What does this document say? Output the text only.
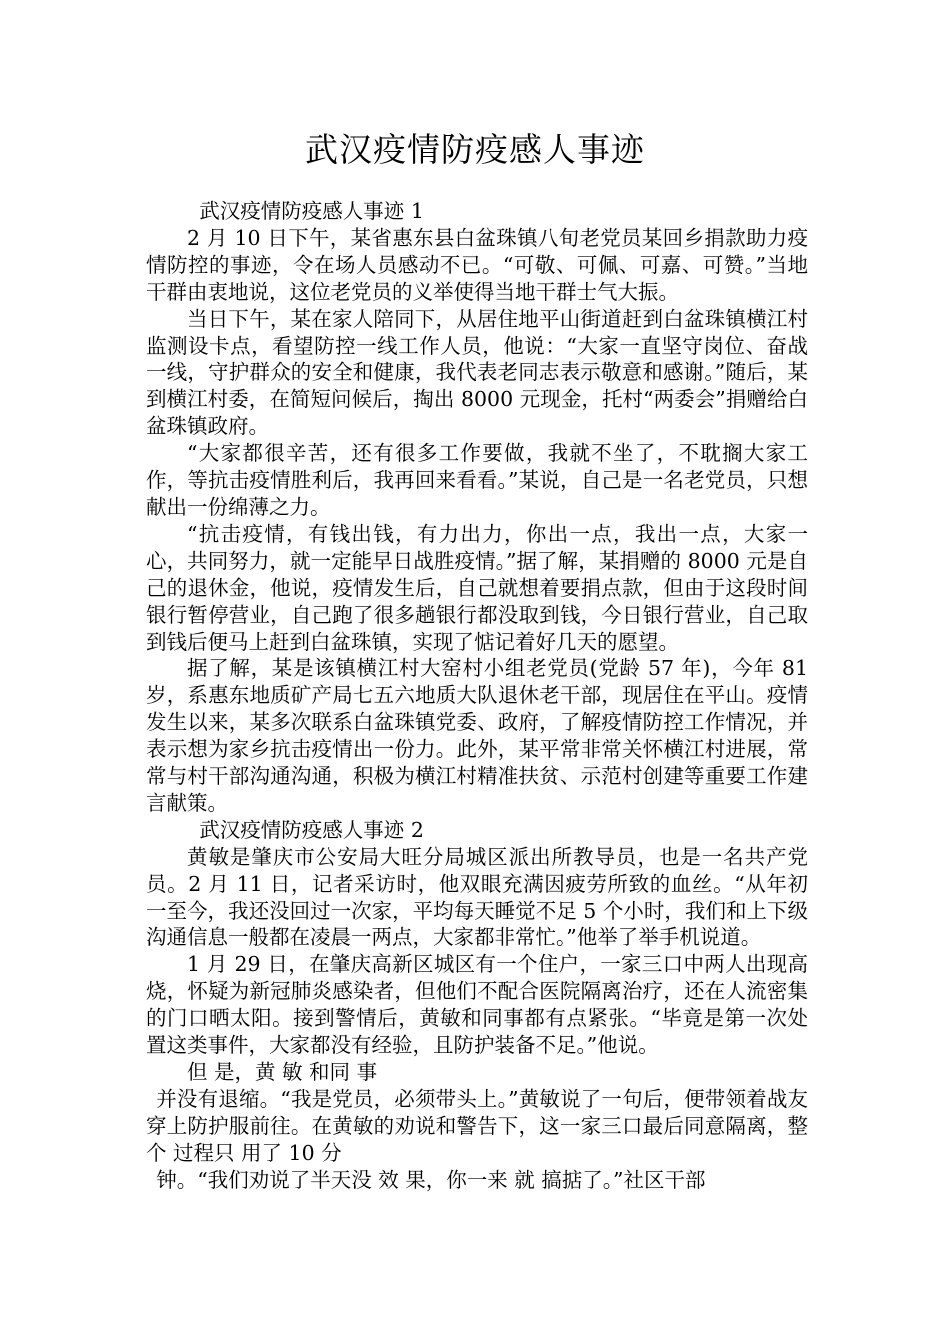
武汉疫情防疫感人事迹

武汉疫情防疫感人事迹 1

2 月 10 日下午，某省惠东县白盆珠镇八旬老党员某回乡捐款助力疫情防控的事迹，令在场人员感动不已。“可敬、可佩、可嘉、可赞。”当地干群由衷地说，这位老党员的义举使得当地干群士气大振。

当日下午，某在家人陪同下，从居住地平山街道赶到白盆珠镇横江村监测设卡点，看望防控一线工作人员，他说：“大家一直坚守岗位、奋战一线，守护群众的安全和健康，我代表老同志表示敬意和感谢。”随后，某到横江村委，在简短问候后，掏出 8000 元现金，托村“两委会”捐赠给白盆珠镇政府。

“大家都很辛苦，还有很多工作要做，我就不坐了，不耽搁大家工作，等抗击疫情胜利后，我再回来看看。”某说，自己是一名老党员，只想献出一份绵薄之力。

“抗击疫情，有钱出钱，有力出力，你出一点，我出一点，大家一心，共同努力，就一定能早日战胜疫情。”据了解，某捐赠的 8000 元是自己的退休金，他说，疫情发生后，自己就想着要捐点款，但由于这段时间银行暂停营业，自己跑了很多趟银行都没取到钱，今日银行营业，自己取到钱后便马上赶到白盆珠镇，实现了惦记着好几天的愿望。

据了解，某是该镇横江村大窑村小组老党员(党龄 57 年)，今年 81 岁，系惠东地质矿产局七五六地质大队退休老干部，现居住在平山。疫情发生以来，某多次联系白盆珠镇党委、政府，了解疫情防控工作情况，并表示想为家乡抗击疫情出一份力。此外，某平常非常关怀横江村进展，常常与村干部沟通沟通，积极为横江村精准扶贫、示范村创建等重要工作建言献策。

武汉疫情防疫感人事迹 2

黄敏是肇庆市公安局大旺分局城区派出所教导员，也是一名共产党员。2 月 11 日，记者采访时，他双眼充满因疲劳所致的血丝。“从年初一至今，我还没回过一次家，平均每天睡觉不足 5 个小时，我们和上下级沟通信息一般都在凌晨一两点，大家都非常忙。”他举了举手机说道。

1 月 29 日，在肇庆高新区城区有一个住户，一家三口中两人出现高烧，怀疑为新冠肺炎感染者，但他们不配合医院隔离治疗，还在人流密集的门口晒太阳。接到警情后，黄敏和同事都有点紧张。“毕竟是第一次处置这类事件，大家都没有经验，且防护装备不足。”他说。

但 是，黄 敏 和同 事

并没有退缩。“我是党员，必须带头上。”黄敏说了一句后，便带领着战友穿上防护服前往。在黄敏的劝说和警告下，这一家三口最后同意隔离，整 个 过程只 用了 10 分

钟。“我们劝说了半天没 效 果，你一来 就 搞掂了。”社区干部
